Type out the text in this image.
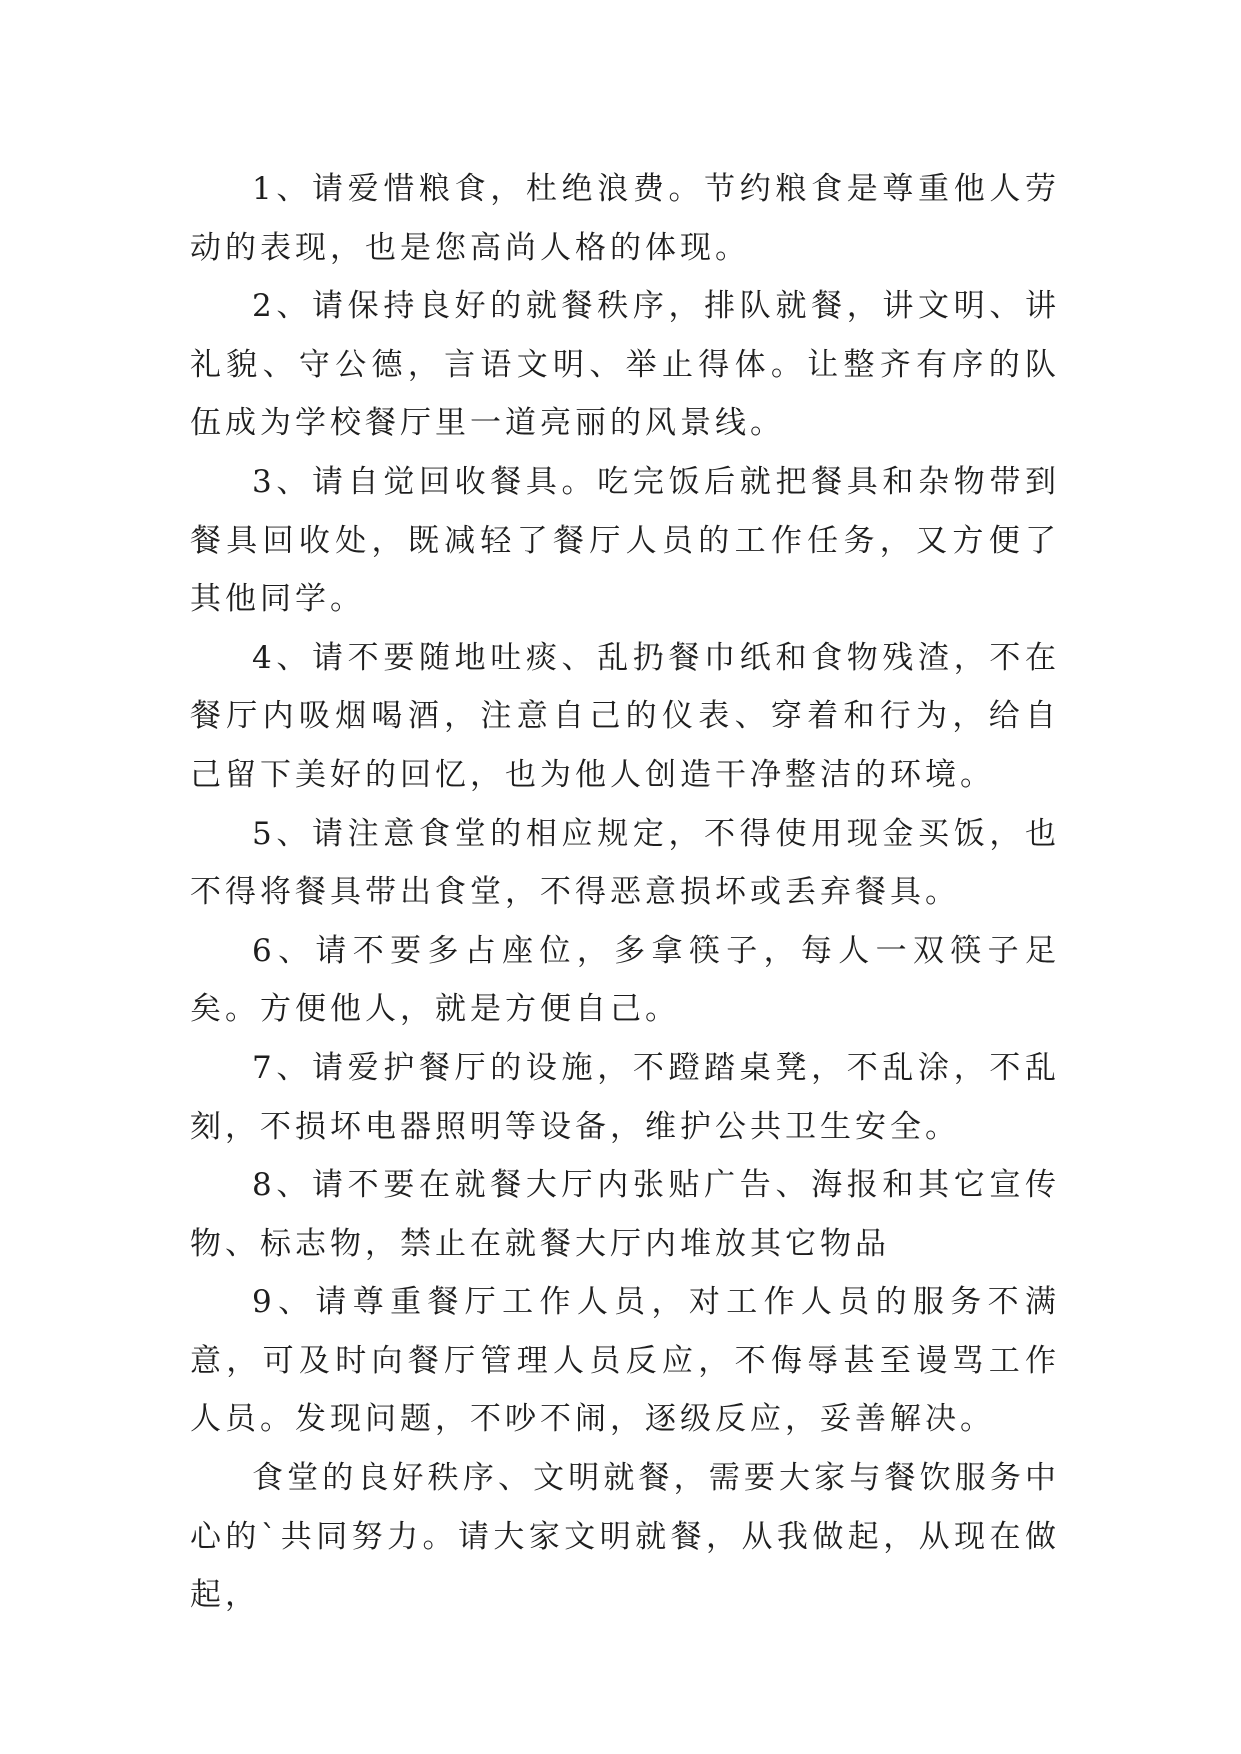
1、请爱惜粮食，杜绝浪费。节约粮食是尊重他人劳动的表现，也是您高尚人格的体现。

2、请保持良好的就餐秩序，排队就餐，讲文明、讲礼貌、守公德，言语文明、举止得体。让整齐有序的队伍成为学校餐厅里一道亮丽的风景线。

3、请自觉回收餐具。吃完饭后就把餐具和杂物带到餐具回收处，既减轻了餐厅人员的工作任务，又方便了其他同学。

4、请不要随地吐痰、乱扔餐巾纸和食物残渣，不在餐厅内吸烟喝酒，注意自己的仪表、穿着和行为，给自己留下美好的回忆，也为他人创造干净整洁的环境。

5、请注意食堂的相应规定，不得使用现金买饭，也不得将餐具带出食堂，不得恶意损坏或丢弃餐具。

6、请不要多占座位，多拿筷子，每人一双筷子足矣。方便他人，就是方便自己。

7、请爱护餐厅的设施，不蹬踏桌凳，不乱涂，不乱刻，不损坏电器照明等设备，维护公共卫生安全。

8、请不要在就餐大厅内张贴广告、海报和其它宣传物、标志物，禁止在就餐大厅内堆放其它物品

9、请尊重餐厅工作人员，对工作人员的服务不满意，可及时向餐厅管理人员反应，不侮辱甚至谩骂工作人员。发现问题，不吵不闹，逐级反应，妥善解决。

食堂的良好秩序、文明就餐，需要大家与餐饮服务中心的`共同努力。请大家文明就餐，从我做起，从现在做起，
